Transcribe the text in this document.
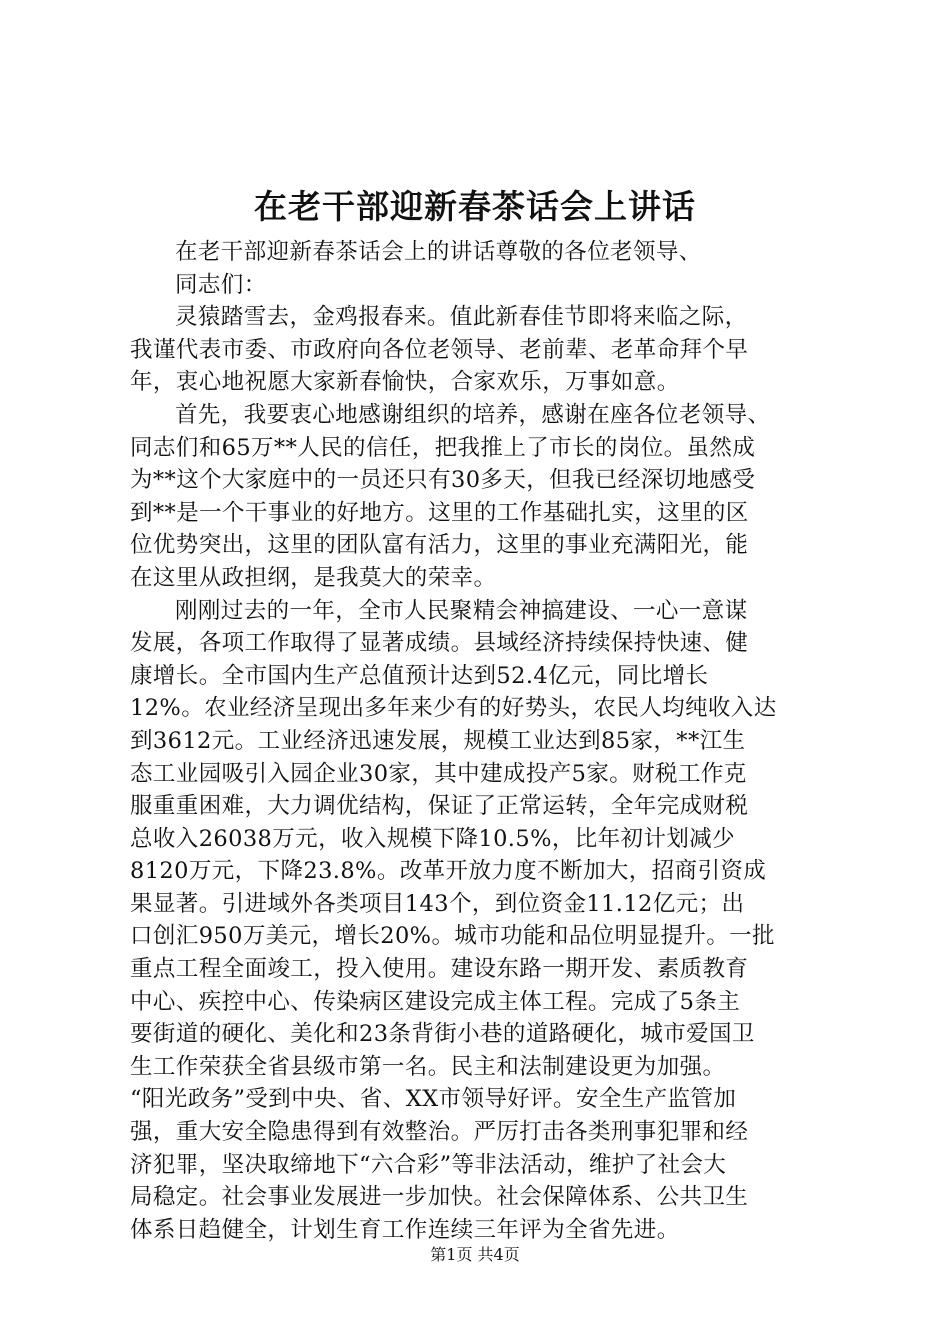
在老干部迎新春茶话会上讲话
在老干部迎新春茶话会上的讲话尊敬的各位老领导、
同志们：
灵猿踏雪去，金鸡报春来。值此新春佳节即将来临之际，
我谨代表市委、市政府向各位老领导、老前辈、老革命拜个早
年，衷心地祝愿大家新春愉快，合家欢乐，万事如意。
首先，我要衷心地感谢组织的培养，感谢在座各位老领导、
同志们和65万**人民的信任，把我推上了市长的岗位。虽然成
为**这个大家庭中的一员还只有30多天，但我已经深切地感受
到**是一个干事业的好地方。这里的工作基础扎实，这里的区
位优势突出，这里的团队富有活力，这里的事业充满阳光，能
在这里从政担纲，是我莫大的荣幸。
刚刚过去的一年，全市人民聚精会神搞建设、一心一意谋
发展，各项工作取得了显著成绩。县域经济持续保持快速、健
康增长。全市国内生产总值预计达到52.4亿元，同比增长
12%。农业经济呈现出多年来少有的好势头，农民人均纯收入达
到3612元。工业经济迅速发展，规模工业达到85家，**江生
态工业园吸引入园企业30家，其中建成投产5家。财税工作克
服重重困难，大力调优结构，保证了正常运转，全年完成财税
总收入26038万元，收入规模下降10.5%，比年初计划减少
8120万元，下降23.8%。改革开放力度不断加大，招商引资成
果显著。引进域外各类项目143个，到位资金11.12亿元；出
口创汇950万美元，增长20%。城市功能和品位明显提升。一批
重点工程全面竣工，投入使用。建设东路一期开发、素质教育
中心、疾控中心、传染病区建设完成主体工程。完成了5条主
要街道的硬化、美化和23条背街小巷的道路硬化，城市爱国卫
生工作荣获全省县级市第一名。民主和法制建设更为加强。
“阳光政务”受到中央、省、XX市领导好评。安全生产监管加
强，重大安全隐患得到有效整治。严厉打击各类刑事犯罪和经
济犯罪，坚决取缔地下“六合彩”等非法活动，维护了社会大
局稳定。社会事业发展进一步加快。社会保障体系、公共卫生
体系日趋健全，计划生育工作连续三年评为全省先进。
第1页 共4页
